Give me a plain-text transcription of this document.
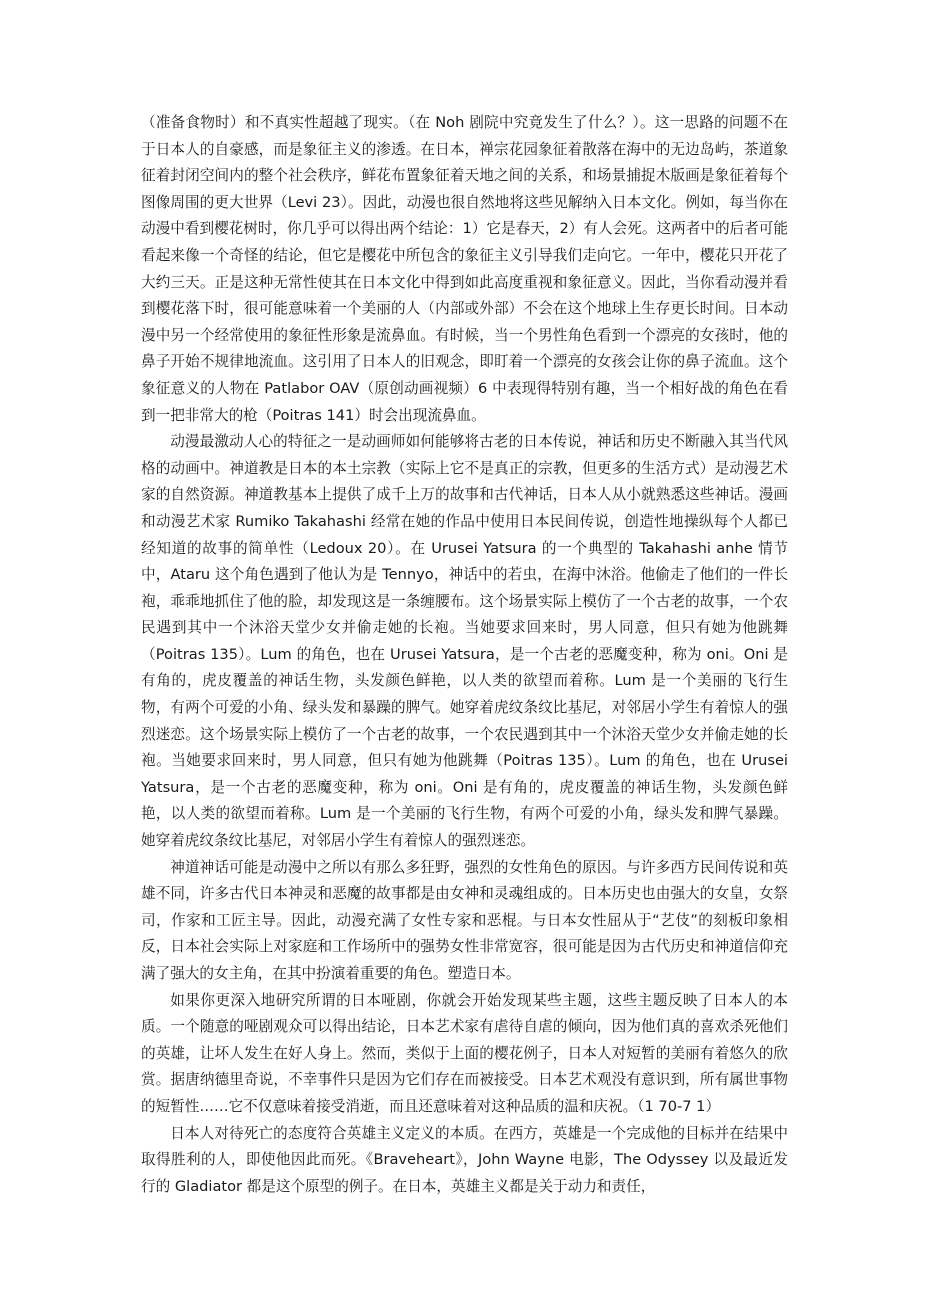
（准备食物时）和不真实性超越了现实。（在 Noh 剧院中究竟发生了什么？）。这一思路的问题不在于日本人的自豪感，而是象征主义的渗透。在日本，禅宗花园象征着散落在海中的无边岛屿，茶道象征着封闭空间内的整个社会秩序，鲜花布置象征着天地之间的关系，和场景捕捉木版画是象征着每个图像周围的更大世界（Levi 23）。因此，动漫也很自然地将这些见解纳入日本文化。例如，每当你在动漫中看到樱花树时，你几乎可以得出两个结论：1）它是春天，2）有人会死。这两者中的后者可能看起来像一个奇怪的结论，但它是樱花中所包含的象征主义引导我们走向它。一年中，樱花只开花了大约三天。正是这种无常性使其在日本文化中得到如此高度重视和象征意义。因此，当你看动漫并看到樱花落下时，很可能意味着一个美丽的人（内部或外部）不会在这个地球上生存更长时间。日本动漫中另一个经常使用的象征性形象是流鼻血。有时候，当一个男性角色看到一个漂亮的女孩时，他的鼻子开始不规律地流血。这引用了日本人的旧观念，即盯着一个漂亮的女孩会让你的鼻子流血。这个象征意义的人物在 Patlabor OAV（原创动画视频）6 中表现得特别有趣，当一个相好战的角色在看到一把非常大的枪（Poitras 141）时会出现流鼻血。

动漫最激动人心的特征之一是动画师如何能够将古老的日本传说，神话和历史不断融入其当代风格的动画中。神道教是日本的本土宗教（实际上它不是真正的宗教，但更多的生活方式）是动漫艺术家的自然资源。神道教基本上提供了成千上万的故事和古代神话，日本人从小就熟悉这些神话。漫画和动漫艺术家 Rumiko Takahashi 经常在她的作品中使用日本民间传说，创造性地操纵每个人都已经知道的故事的简单性（Ledoux 20）。在 Urusei Yatsura 的一个典型的 Takahashi anhe 情节中，Ataru 这个角色遇到了他认为是 Tennyo，神话中的若虫，在海中沐浴。他偷走了他们的一件长袍，乖乖地抓住了他的脸，却发现这是一条缠腰布。这个场景实际上模仿了一个古老的故事，一个农民遇到其中一个沐浴天堂少女并偷走她的长袍。当她要求回来时，男人同意，但只有她为他跳舞（Poitras 135）。Lum 的角色，也在 Urusei Yatsura，是一个古老的恶魔变种，称为 oni。Oni 是有角的，虎皮覆盖的神话生物，头发颜色鲜艳，以人类的欲望而着称。Lum 是一个美丽的飞行生物，有两个可爱的小角、绿头发和暴躁的脾气。她穿着虎纹条纹比基尼，对邻居小学生有着惊人的强烈迷恋。这个场景实际上模仿了一个古老的故事，一个农民遇到其中一个沐浴天堂少女并偷走她的长袍。当她要求回来时，男人同意，但只有她为他跳舞（Poitras 135）。Lum 的角色，也在 Urusei Yatsura，是一个古老的恶魔变种，称为 oni。Oni 是有角的，虎皮覆盖的神话生物，头发颜色鲜艳，以人类的欲望而着称。Lum 是一个美丽的飞行生物，有两个可爱的小角，绿头发和脾气暴躁。她穿着虎纹条纹比基尼，对邻居小学生有着惊人的强烈迷恋。

神道神话可能是动漫中之所以有那么多狂野，强烈的女性角色的原因。与许多西方民间传说和英雄不同，许多古代日本神灵和恶魔的故事都是由女神和灵魂组成的。日本历史也由强大的女皇，女祭司，作家和工匠主导。因此，动漫充满了女性专家和恶棍。与日本女性屈从于“艺伎”的刻板印象相反，日本社会实际上对家庭和工作场所中的强势女性非常宽容，很可能是因为古代历史和神道信仰充满了强大的女主角，在其中扮演着重要的角色。塑造日本。

如果你更深入地研究所谓的日本哑剧，你就会开始发现某些主题，这些主题反映了日本人的本质。一个随意的哑剧观众可以得出结论，日本艺术家有虐待自虐的倾向，因为他们真的喜欢杀死他们的英雄，让坏人发生在好人身上。然而，类似于上面的樱花例子，日本人对短暂的美丽有着悠久的欣赏。据唐纳德里奇说，不幸事件只是因为它们存在而被接受。日本艺术观没有意识到，所有属世事物的短暂性……它不仅意味着接受消逝，而且还意味着对这种品质的温和庆祝。（1 70-7 1）

日本人对待死亡的态度符合英雄主义定义的本质。在西方，英雄是一个完成他的目标并在结果中取得胜利的人，即使他因此而死。《Braveheart》，John Wayne 电影，The Odyssey 以及最近发行的 Gladiator 都是这个原型的例子。在日本，英雄主义都是关于动力和责任，
